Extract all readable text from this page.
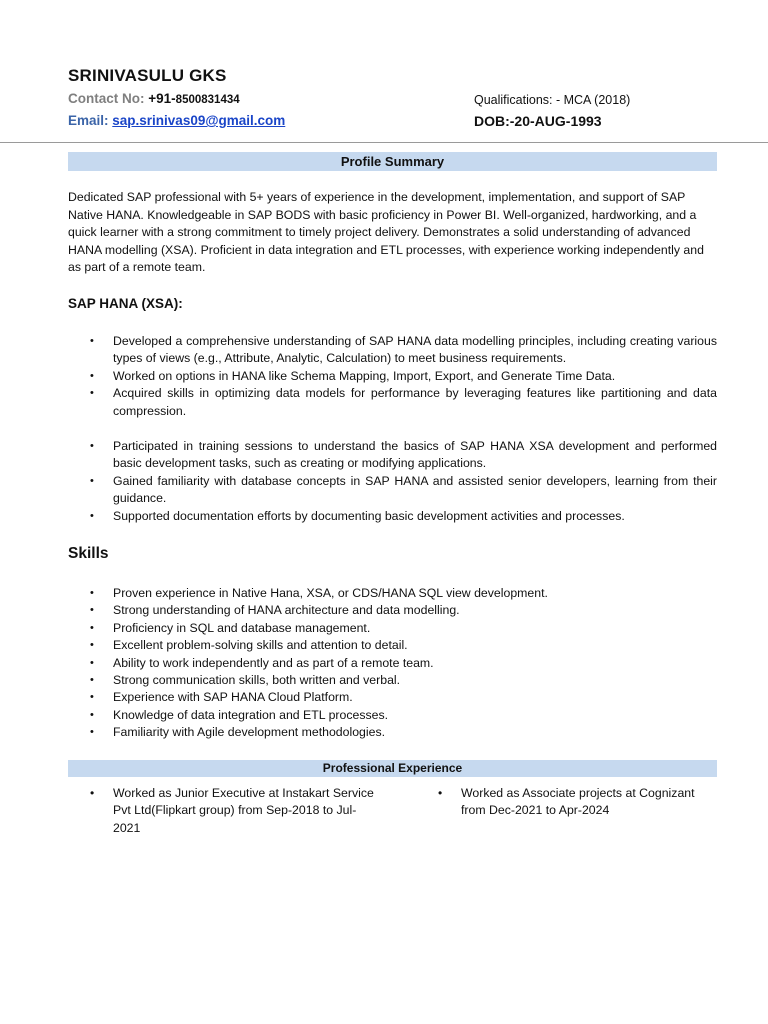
SRINIVASULU GKS
Contact No: +91-8500831434
Email: sap.srinivas09@gmail.com
Qualifications: - MCA (2018)
DOB:-20-AUG-1993
Profile Summary

Dedicated SAP professional with 5+ years of experience in the development, implementation, and support of SAP Native HANA. Knowledgeable in SAP BODS with basic proficiency in Power BI. Well-organized, hardworking, and a quick learner with a strong commitment to timely project delivery. Demonstrates a solid understanding of advanced HANA modelling (XSA). Proficient in data integration and ETL processes, with experience working independently and as part of a remote team.

SAP HANA (XSA):
• Developed a comprehensive understanding of SAP HANA data modelling principles, including creating various types of views (e.g., Attribute, Analytic, Calculation) to meet business requirements.
• Worked on options in HANA like Schema Mapping, Import, Export, and Generate Time Data.
• Acquired skills in optimizing data models for performance by leveraging features like partitioning and data compression.
• Participated in training sessions to understand the basics of SAP HANA XSA development and performed basic development tasks, such as creating or modifying applications.
• Gained familiarity with database concepts in SAP HANA and assisted senior developers, learning from their guidance.
• Supported documentation efforts by documenting basic development activities and processes.
Skills
• Proven experience in Native Hana, XSA, or CDS/HANA SQL view development.
• Strong understanding of HANA architecture and data modelling.
• Proficiency in SQL and database management.
• Excellent problem-solving skills and attention to detail.
• Ability to work independently and as part of a remote team.
• Strong communication skills, both written and verbal.
• Experience with SAP HANA Cloud Platform.
• Knowledge of data integration and ETL processes.
• Familiarity with Agile development methodologies.
Professional Experience
• Worked as Junior Executive at Instakart Service Pvt Ltd(Flipkart group) from Sep-2018 to Jul-2021
• Worked as Associate projects at Cognizant from Dec-2021 to Apr-2024
